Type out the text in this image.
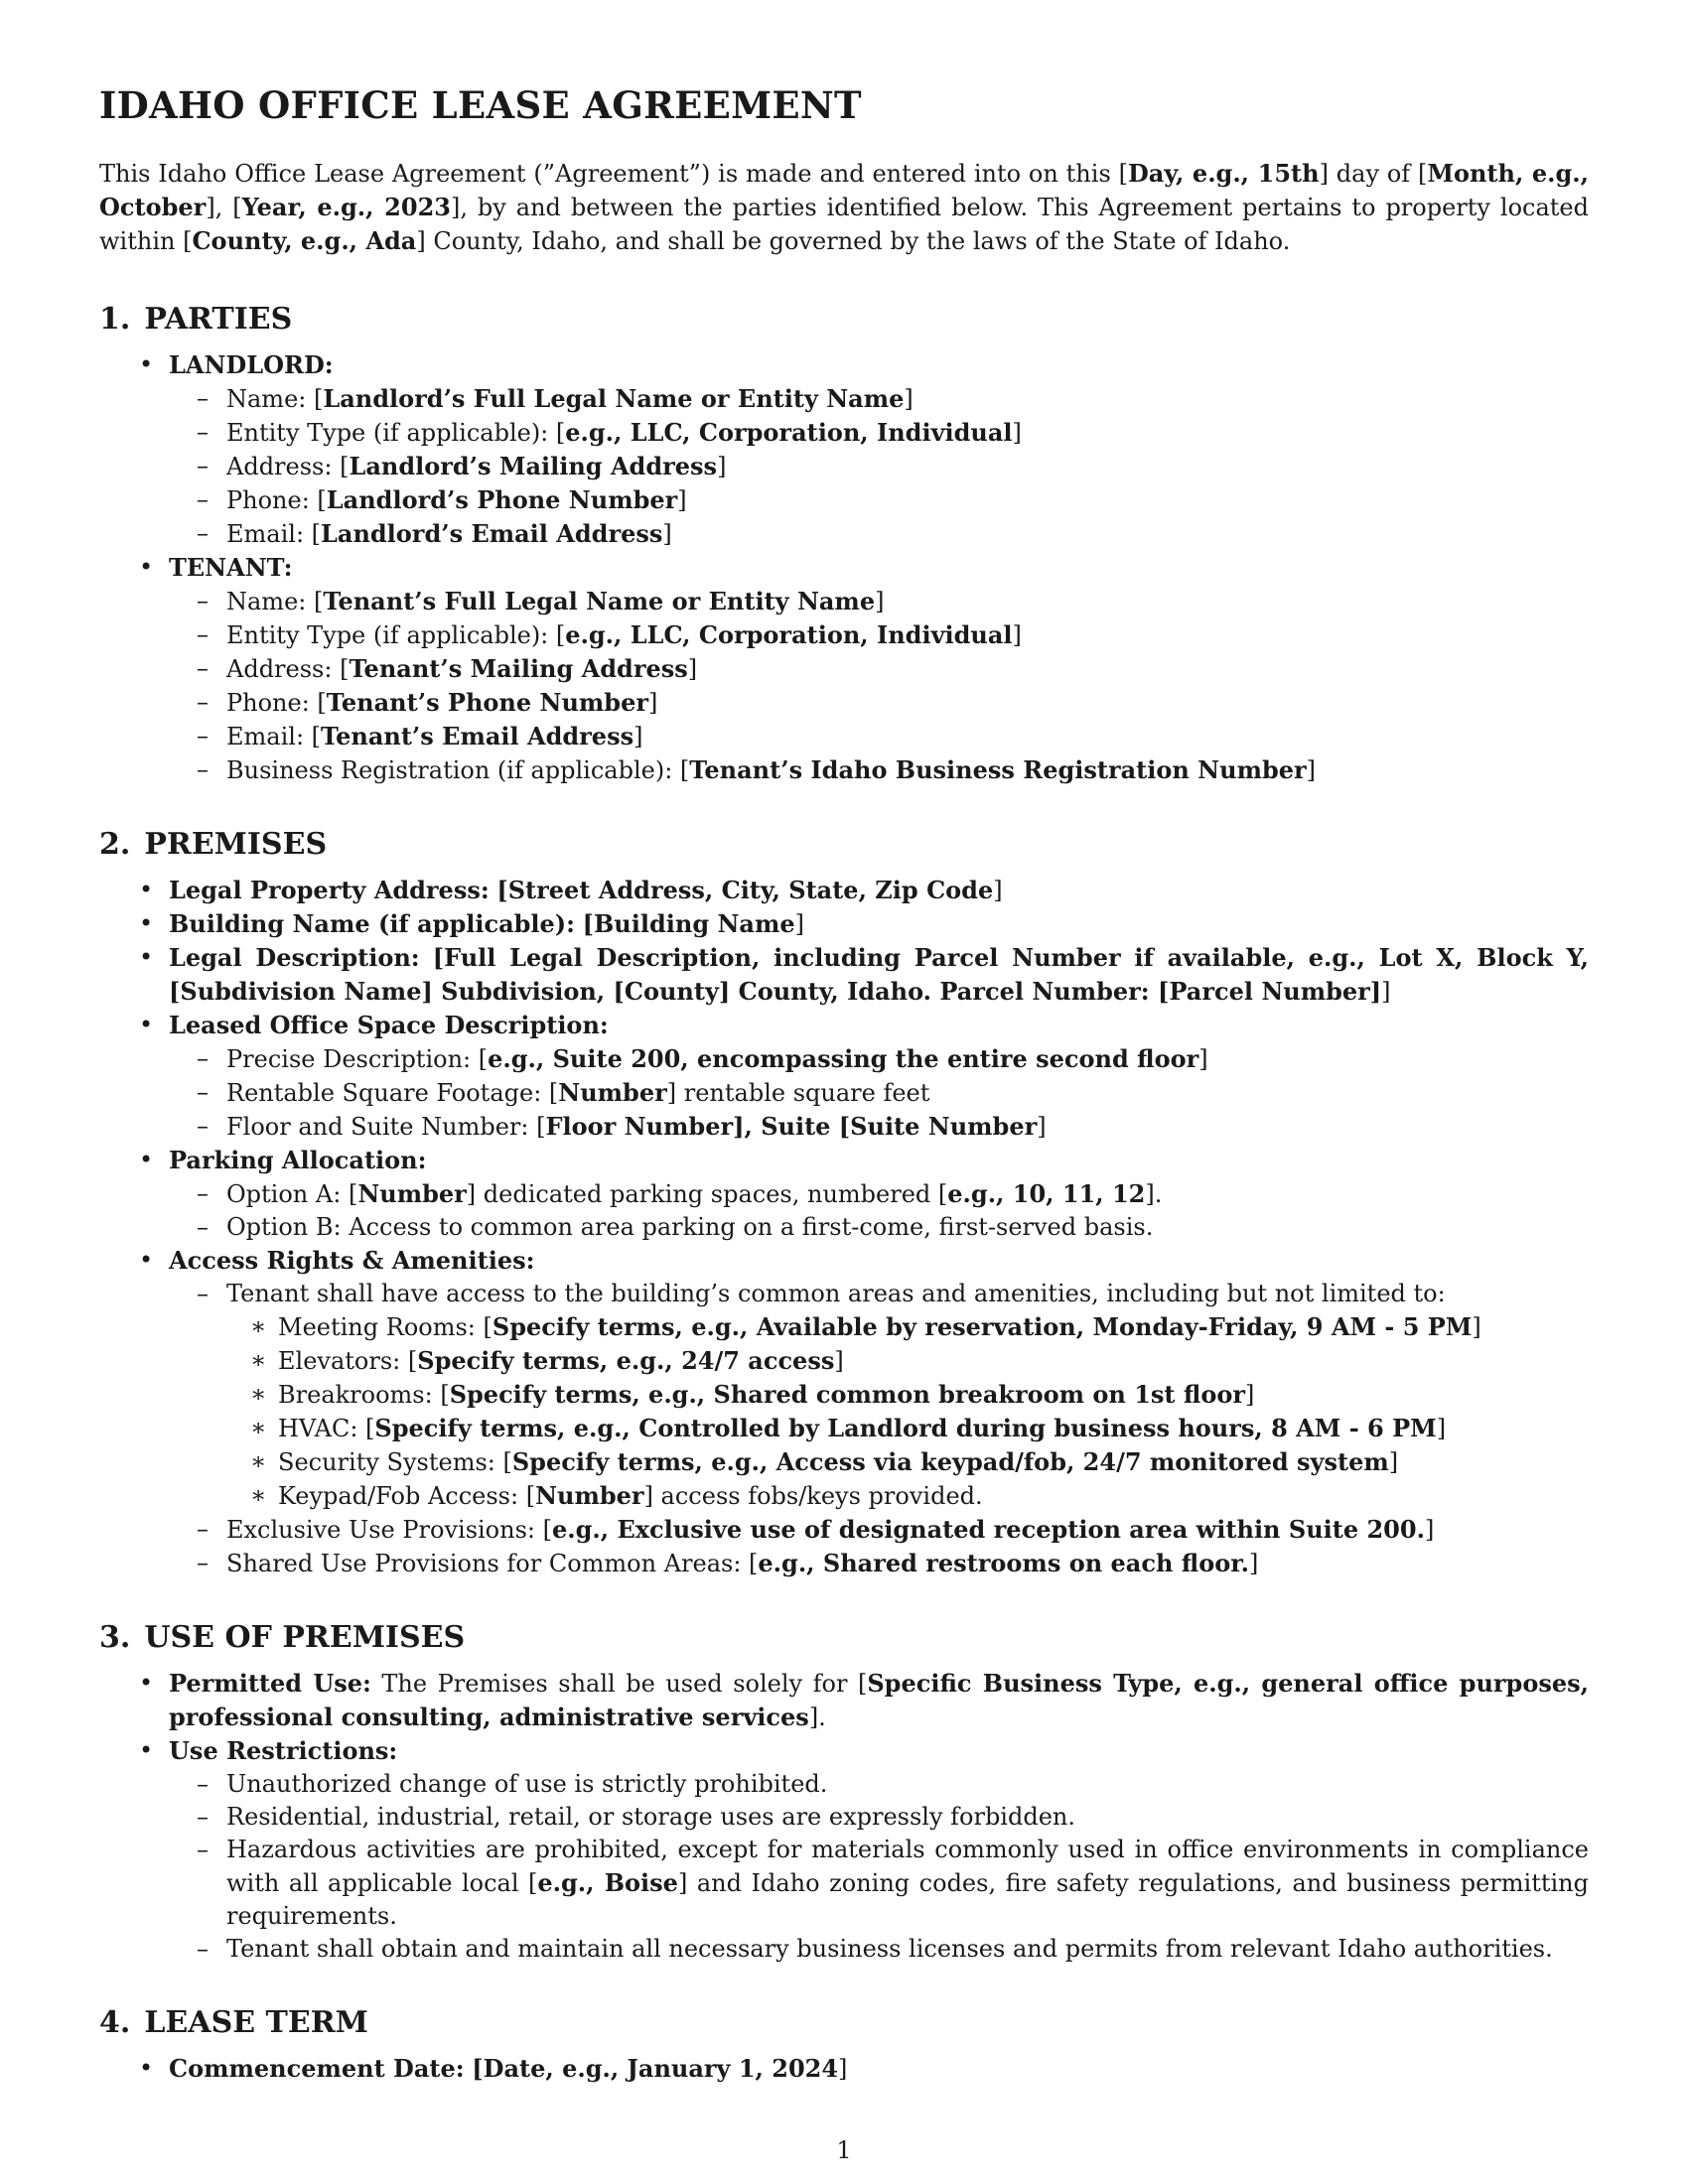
IDAHO OFFICE LEASE AGREEMENT

This Idaho Office Lease Agreement (”Agreement”) is made and entered into on this [Day, e.g., 15th] day of [Month, e.g., October], [Year, e.g., 2023], by and between the parties identified below. This Agreement pertains to property located within [County, e.g., Ada] County, Idaho, and shall be governed by the laws of the State of Idaho.

1. PARTIES
• LANDLORD:
– Name: [Landlord’s Full Legal Name or Entity Name]
– Entity Type (if applicable): [e.g., LLC, Corporation, Individual]
– Address: [Landlord’s Mailing Address]
– Phone: [Landlord’s Phone Number]
– Email: [Landlord’s Email Address]
• TENANT:
– Name: [Tenant’s Full Legal Name or Entity Name]
– Entity Type (if applicable): [e.g., LLC, Corporation, Individual]
– Address: [Tenant’s Mailing Address]
– Phone: [Tenant’s Phone Number]
– Email: [Tenant’s Email Address]
– Business Registration (if applicable): [Tenant’s Idaho Business Registration Number]
2. PREMISES
• Legal Property Address: [Street Address, City, State, Zip Code]
• Building Name (if applicable): [Building Name]
• Legal Description: [Full Legal Description, including Parcel Number if available, e.g., Lot X, Block Y, [Subdivision Name] Subdivision, [County] County, Idaho. Parcel Number: [Parcel Number]]
• Leased Office Space Description:
– Precise Description: [e.g., Suite 200, encompassing the entire second floor]
– Rentable Square Footage: [Number] rentable square feet
– Floor and Suite Number: [Floor Number], Suite [Suite Number]
• Parking Allocation:
– Option A: [Number] dedicated parking spaces, numbered [e.g., 10, 11, 12].
– Option B: Access to common area parking on a first-come, first-served basis.
• Access Rights & Amenities:
– Tenant shall have access to the building’s common areas and amenities, including but not limited to:
∗ Meeting Rooms: [Specify terms, e.g., Available by reservation, Monday-Friday, 9 AM - 5 PM]
∗ Elevators: [Specify terms, e.g., 24/7 access]
∗ Breakrooms: [Specify terms, e.g., Shared common breakroom on 1st floor]
∗ HVAC: [Specify terms, e.g., Controlled by Landlord during business hours, 8 AM - 6 PM]
∗ Security Systems: [Specify terms, e.g., Access via keypad/fob, 24/7 monitored system]
∗ Keypad/Fob Access: [Number] access fobs/keys provided.
– Exclusive Use Provisions: [e.g., Exclusive use of designated reception area within Suite 200.]
– Shared Use Provisions for Common Areas: [e.g., Shared restrooms on each floor.]
3. USE OF PREMISES
• Permitted Use: The Premises shall be used solely for [Specific Business Type, e.g., general office purposes, professional consulting, administrative services].
• Use Restrictions:
– Unauthorized change of use is strictly prohibited.
– Residential, industrial, retail, or storage uses are expressly forbidden.
– Hazardous activities are prohibited, except for materials commonly used in office environments in compliance with all applicable local [e.g., Boise] and Idaho zoning codes, fire safety regulations, and business permitting requirements.
– Tenant shall obtain and maintain all necessary business licenses and permits from relevant Idaho authorities.
4. LEASE TERM
• Commencement Date: [Date, e.g., January 1, 2024]
1
